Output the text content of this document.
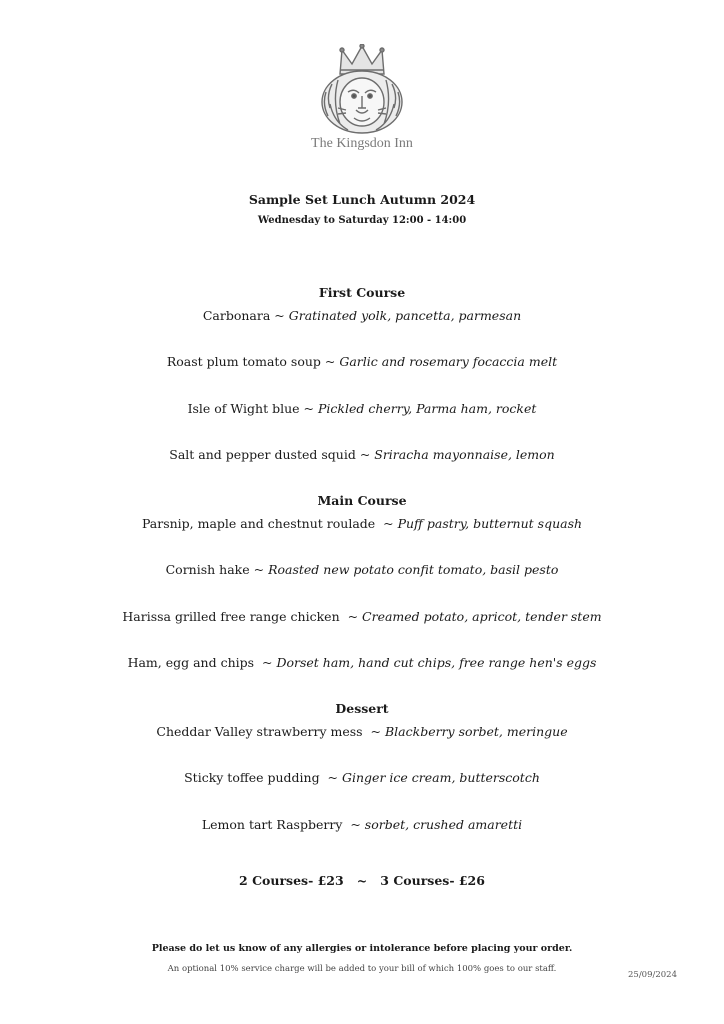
The Kingsdon Inn
Sample Set Lunch Autumn 2024
Wednesday to Saturday 12:00 - 14:00
First Course
Carbonara ~ Gratinated yolk, pancetta, parmesan
Roast plum tomato soup ~ Garlic and rosemary focaccia melt
Isle of Wight blue ~ Pickled cherry, Parma ham, rocket
Salt and pepper dusted squid ~ Sriracha mayonnaise, lemon
Main Course
Parsnip, maple and chestnut roulade  ~ Puff pastry, butternut squash
Cornish hake ~ Roasted new potato confit tomato, basil pesto
Harissa grilled free range chicken  ~ Creamed potato, apricot, tender stem
Ham, egg and chips  ~ Dorset ham, hand cut chips, free range hen's eggs
Dessert
Cheddar Valley strawberry mess  ~ Blackberry sorbet, meringue
Sticky toffee pudding  ~ Ginger ice cream, butterscotch
Lemon tart Raspberry  ~ sorbet, crushed amaretti
2 Courses- £23   ~   3 Courses- £26
Please do let us know of any allergies or intolerance before placing your order.
An optional 10% service charge will be added to your bill of which 100% goes to our staff.
25/09/2024
